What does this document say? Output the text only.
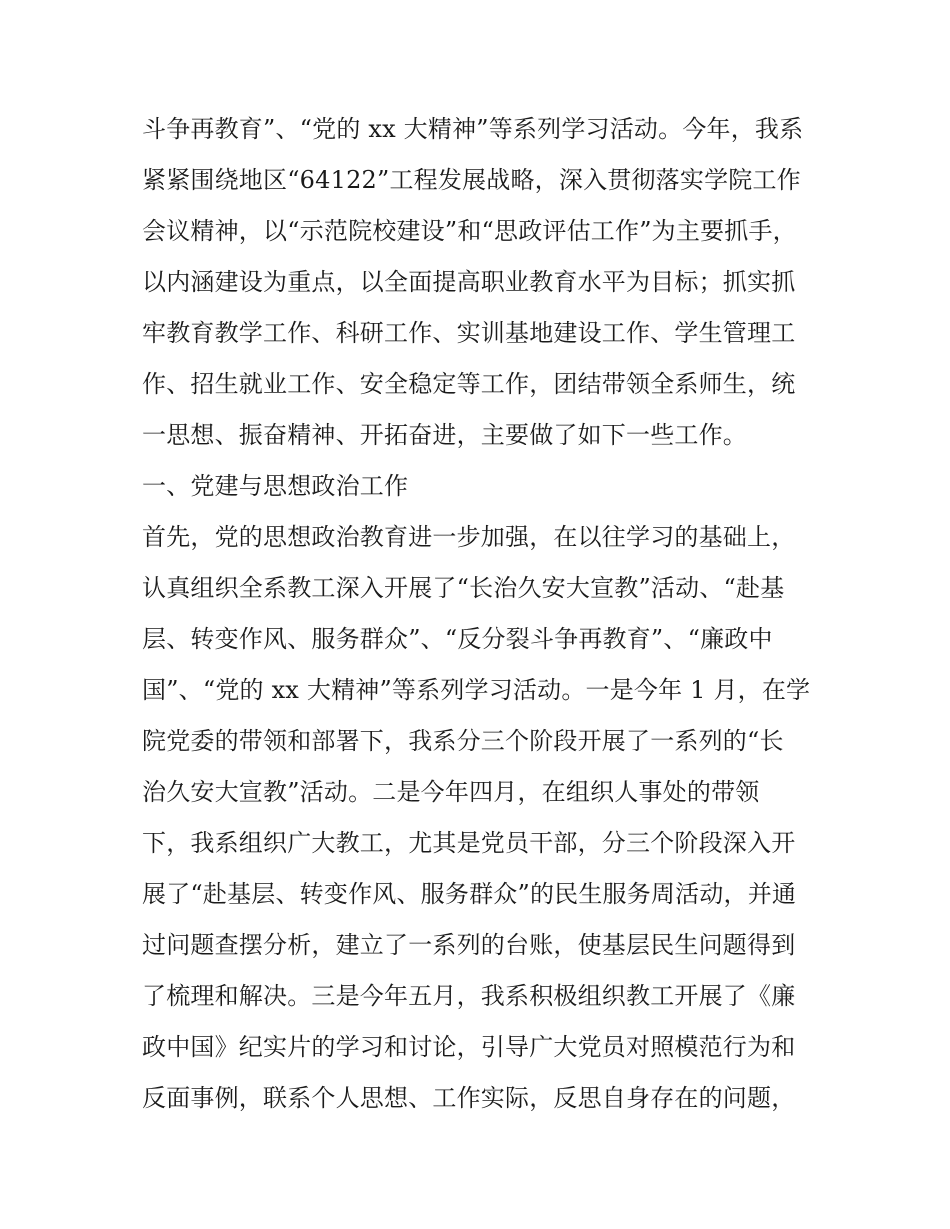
斗争再教育”、“党的 xx 大精神”等系列学习活动。今年，我系
紧紧围绕地区“64122”工程发展战略，深入贯彻落实学院工作
会议精神，以“示范院校建设”和“思政评估工作”为主要抓手，
以内涵建设为重点，以全面提高职业教育水平为目标；抓实抓
牢教育教学工作、科研工作、实训基地建设工作、学生管理工
作、招生就业工作、安全稳定等工作，团结带领全系师生，统
一思想、振奋精神、开拓奋进，主要做了如下一些工作。
一、党建与思想政治工作
首先，党的思想政治教育进一步加强，在以往学习的基础上，
认真组织全系教工深入开展了“长治久安大宣教”活动、“赴基
层、转变作风、服务群众”、“反分裂斗争再教育”、“廉政中
国”、“党的 xx 大精神”等系列学习活动。一是今年 1 月，在学
院党委的带领和部署下，我系分三个阶段开展了一系列的“长
治久安大宣教”活动。二是今年四月，在组织人事处的带领
下，我系组织广大教工，尤其是党员干部，分三个阶段深入开
展了“赴基层、转变作风、服务群众”的民生服务周活动，并通
过问题查摆分析，建立了一系列的台账，使基层民生问题得到
了梳理和解决。三是今年五月，我系积极组织教工开展了《廉
政中国》纪实片的学习和讨论，引导广大党员对照模范行为和
反面事例，联系个人思想、工作实际，反思自身存在的问题，
